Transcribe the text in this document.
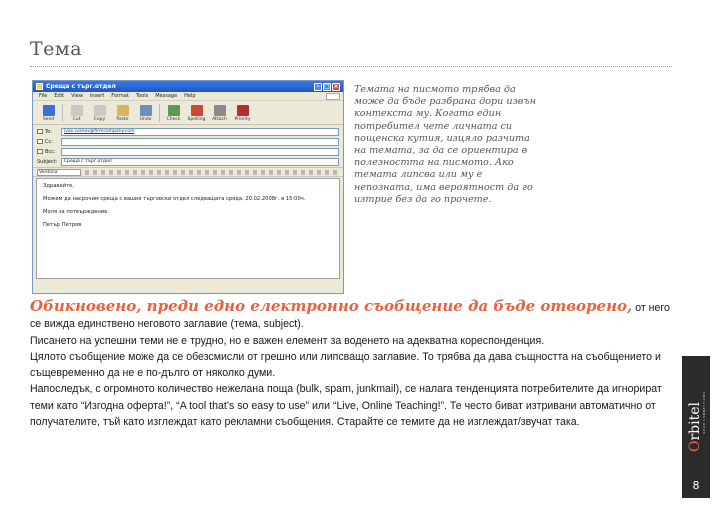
Тема
Среща с търг.отдел	– □ ×
File Edit View Insert Format Tools Message Help
Send	Cut	Copy Paste Undo	Check Spelling Attach Priority
To:	ivan.ivanov@firmcompany.com
Cc:
Bcc:
Subject:	Среща с търг.отдел
Verdana

Здравейте,

Можем да насрочим среща с вашия търговски отдел следващата сряда, 20.02.2008г. в 15:00ч.

Моля за потвърждение.

Петър Петров

Темата на писмото трябва да може да бъде разбрана дори извън контекста му. Когато един потребител чете личната си пощенска кутия, изцяло разчита на темата, за да се ориентира в полезността на писмото. Ако темата липсва или му е непозната, има вероятност да го изтрие без да го прочете.

Обикновено, преди едно електронно съобщение да бъде отворено, от него се вижда единствено неговото заглавие (тема, subject).

Писането на успешни теми не е трудно, но е важен елемент за воденето на адекватна кореспонденция.

Цялото съобщение може да се обезсмисли от грешно или липсващо заглавие. То трябва да дава същността на съобщението и същевременно да не е по-дълго от няколко думи.

Напоследък, с огромното количество нежелана поща (bulk, spam, junkmail), се налага тенденцията потребителите да игнорират теми като “Изгодна оферта!”, “A tool that’s so easy to use” или “Live, Online Teaching!”. Те често биват изтривани автоматично от получателите, тъй като изглеждат като рекламни съобщения. Старайте се темите да не изглеждат/звучат така.

Orbitel GOOD CONNECTIONS
8
